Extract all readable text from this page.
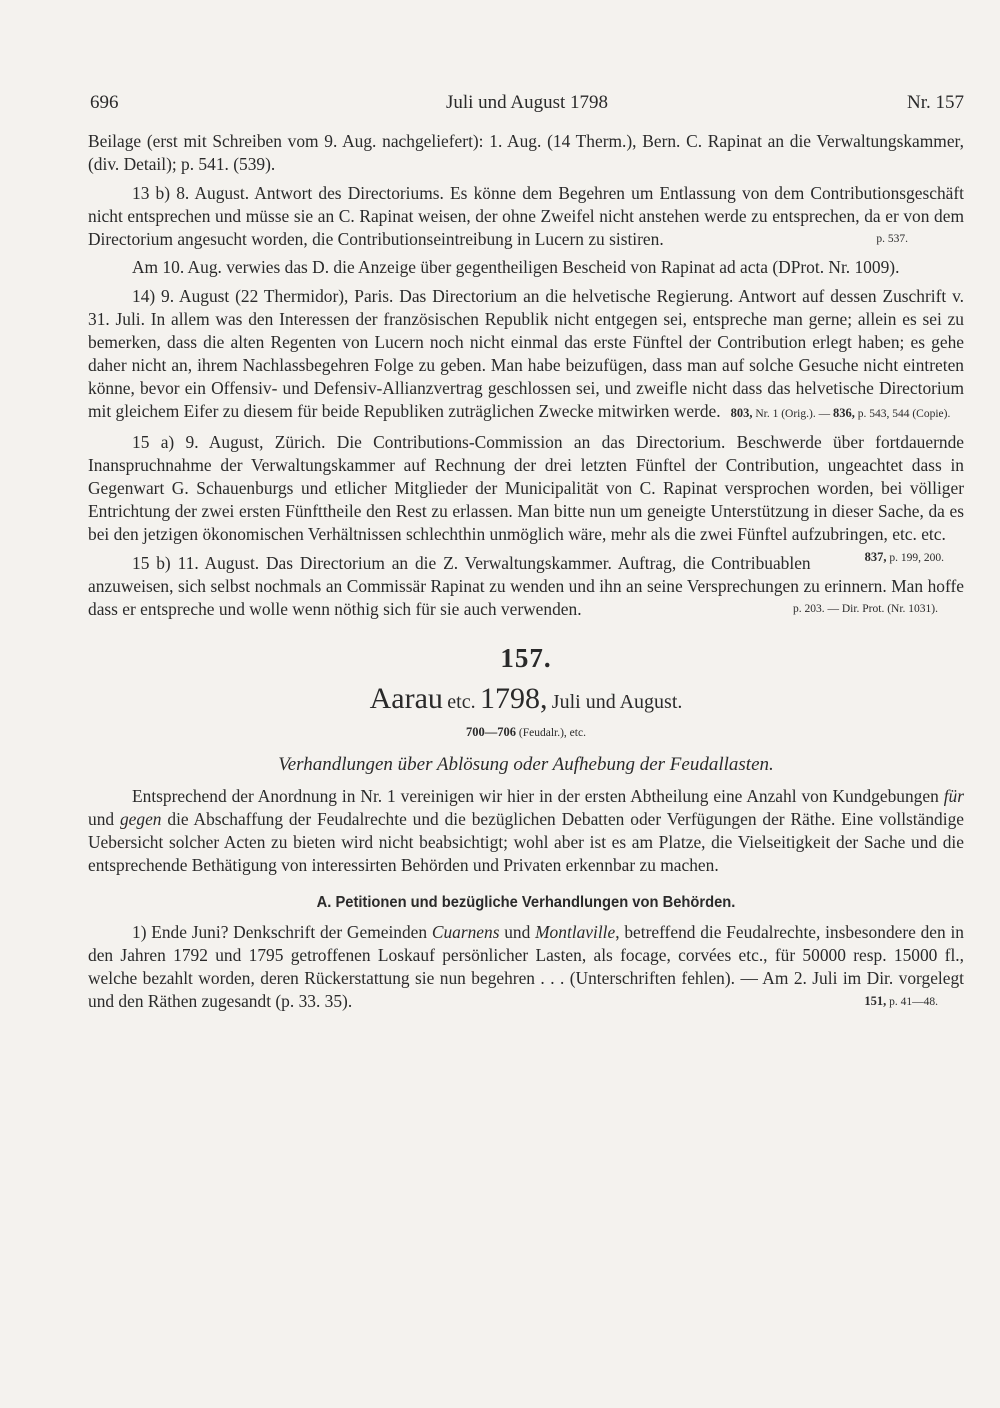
696	Juli und August 1798	Nr. 157

Beilage (erst mit Schreiben vom 9. Aug. nachgeliefert): 1. Aug. (14 Therm.), Bern. C. Rapinat an die Verwaltungskammer, (div. Detail); p. 541. (539).

13 b) 8. August. Antwort des Directoriums. Es könne dem Begehren um Entlassung von dem Contributionsgeschäft nicht entsprechen und müsse sie an C. Rapinat weisen, der ohne Zweifel nicht anstehen werde zu entsprechen, da er von dem Directorium angesucht worden, die Contributionseintreibung in Lucern zu sistiren.	p. 537.

Am 10. Aug. verwies das D. die Anzeige über gegentheiligen Bescheid von Rapinat ad acta (DProt. Nr. 1009).

14) 9. August (22 Thermidor), Paris. Das Directorium an die helvetische Regierung. Antwort auf dessen Zuschrift v. 31. Juli. In allem was den Interessen der französischen Republik nicht entgegen sei, entspreche man gerne; allein es sei zu bemerken, dass die alten Regenten von Lucern noch nicht einmal das erste Fünftel der Contribution erlegt haben; es gehe daher nicht an, ihrem Nachlassbegehren Folge zu geben. Man habe beizufügen, dass man auf solche Gesuche nicht eintreten könne, bevor ein Offensiv- und Defensiv-Allianzvertrag geschlossen sei, und zweifle nicht dass das helvetische Directorium mit gleichem Eifer zu diesem für beide Republiken zuträglichen Zwecke mitwirken werde. 803, Nr. 1 (Orig.). — 836, p. 543, 544 (Copie).

15 a) 9. August, Zürich. Die Contributions-Commission an das Directorium. Beschwerde über fortdauernde Inanspruchnahme der Verwaltungskammer auf Rechnung der drei letzten Fünftel der Contribution, ungeachtet dass in Gegenwart G. Schauenburgs und etlicher Mitglieder der Municipalität von C. Rapinat versprochen worden, bei völliger Entrichtung der zwei ersten Fünfttheile den Rest zu erlassen. Man bitte nun um geneigte Unterstützung in dieser Sache, da es bei den jetzigen ökonomischen Verhältnissen schlechthin unmöglich wäre, mehr als die zwei Fünftel aufzubringen, etc. etc.
837, p. 199, 200.

15 b) 11. August. Das Directorium an die Z. Verwaltungskammer. Auftrag, die Contribuablen anzuweisen, sich selbst nochmals an Commissär Rapinat zu wenden und ihn an seine Versprechungen zu erinnern. Man hoffe dass er entspreche und wolle wenn nöthig sich für sie auch verwenden.	p. 203. — Dir. Prot. (Nr. 1031).

157.
Aarau etc. 1798, Juli und August.
700—706 (Feudalr.), etc.
Verhandlungen über Ablösung oder Aufhebung der Feudallasten.

Entsprechend der Anordnung in Nr. 1 vereinigen wir hier in der ersten Abtheilung eine Anzahl von Kundgebungen für und gegen die Abschaffung der Feudalrechte und die bezüglichen Debatten oder Verfügungen der Räthe. Eine vollständige Uebersicht solcher Acten zu bieten wird nicht beabsichtigt; wohl aber ist es am Platze, die Vielseitigkeit der Sache und die entsprechende Bethätigung von interessirten Behörden und Privaten erkennbar zu machen.

A. Petitionen und bezügliche Verhandlungen von Behörden.

1) Ende Juni? Denkschrift der Gemeinden Cuarnens und Montlaville, betreffend die Feudalrechte, insbesondere den in den Jahren 1792 und 1795 getroffenen Loskauf persönlicher Lasten, als focage, corvées etc., für 50000 resp. 15000 fl., welche bezahlt worden, deren Rückerstattung sie nun begehren . . . (Unterschriften fehlen). — Am 2. Juli im Dir. vorgelegt und den Räthen zugesandt (p. 33. 35).	151, p. 41—48.
